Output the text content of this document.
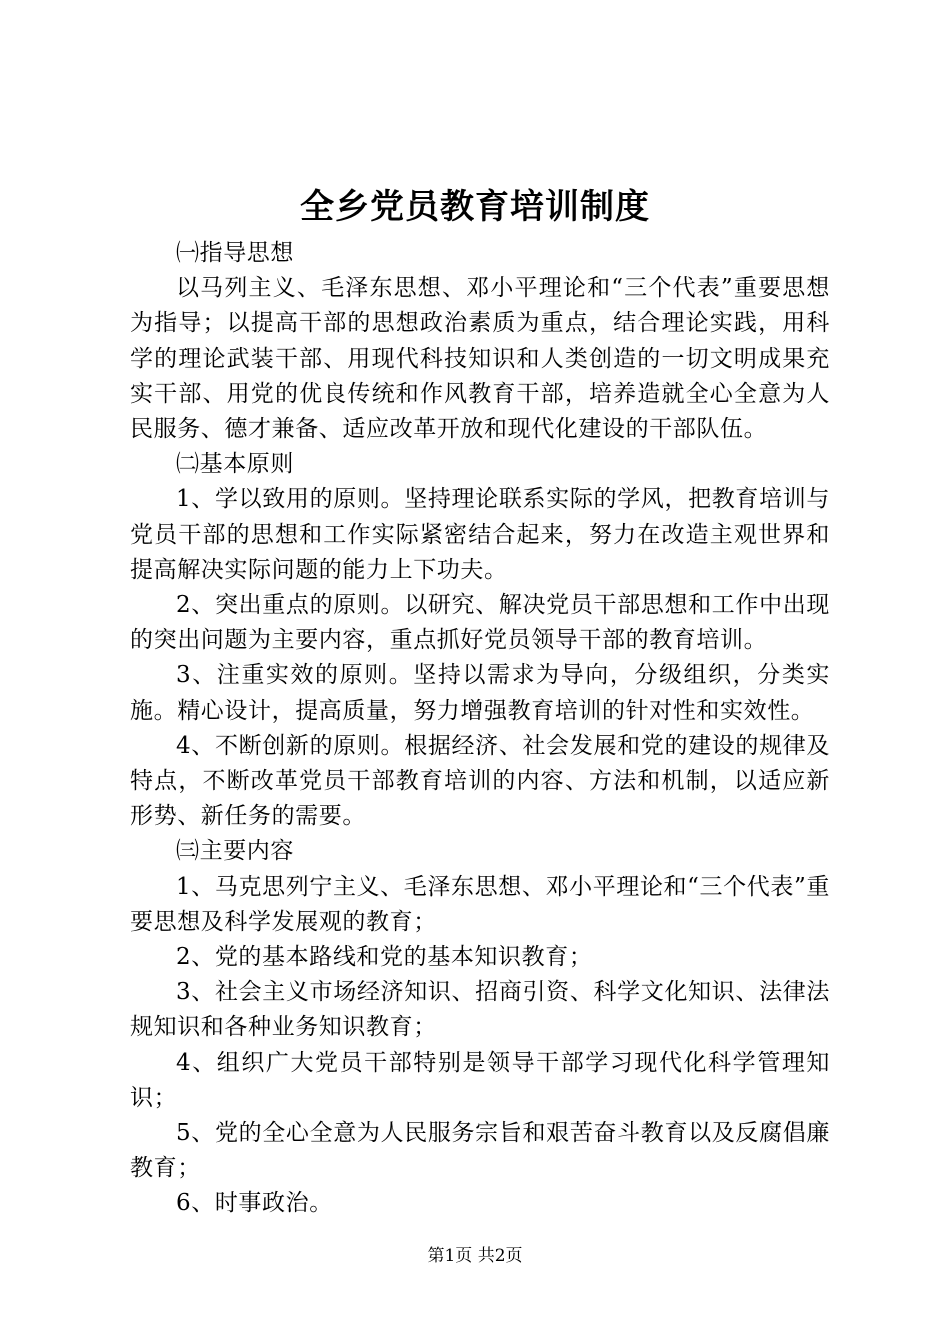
全乡党员教育培训制度

㈠指导思想

以马列主义、毛泽东思想、邓小平理论和“三个代表”重要思想为指导；以提高干部的思想政治素质为重点，结合理论实践，用科学的理论武装干部、用现代科技知识和人类创造的一切文明成果充实干部、用党的优良传统和作风教育干部，培养造就全心全意为人民服务、德才兼备、适应改革开放和现代化建设的干部队伍。

㈡基本原则

1、学以致用的原则。坚持理论联系实际的学风，把教育培训与党员干部的思想和工作实际紧密结合起来，努力在改造主观世界和提高解决实际问题的能力上下功夫。

2、突出重点的原则。以研究、解决党员干部思想和工作中出现的突出问题为主要内容，重点抓好党员领导干部的教育培训。

3、注重实效的原则。坚持以需求为导向，分级组织，分类实施。精心设计，提高质量，努力增强教育培训的针对性和实效性。

4、不断创新的原则。根据经济、社会发展和党的建设的规律及特点，不断改革党员干部教育培训的内容、方法和机制，以适应新形势、新任务的需要。

㈢主要内容

1、马克思列宁主义、毛泽东思想、邓小平理论和“三个代表”重要思想及科学发展观的教育；

2、党的基本路线和党的基本知识教育；

3、社会主义市场经济知识、招商引资、科学文化知识、法律法规知识和各种业务知识教育；

4、组织广大党员干部特别是领导干部学习现代化科学管理知识；

5、党的全心全意为人民服务宗旨和艰苦奋斗教育以及反腐倡廉教育；

6、时事政治。

第1页 共2页
